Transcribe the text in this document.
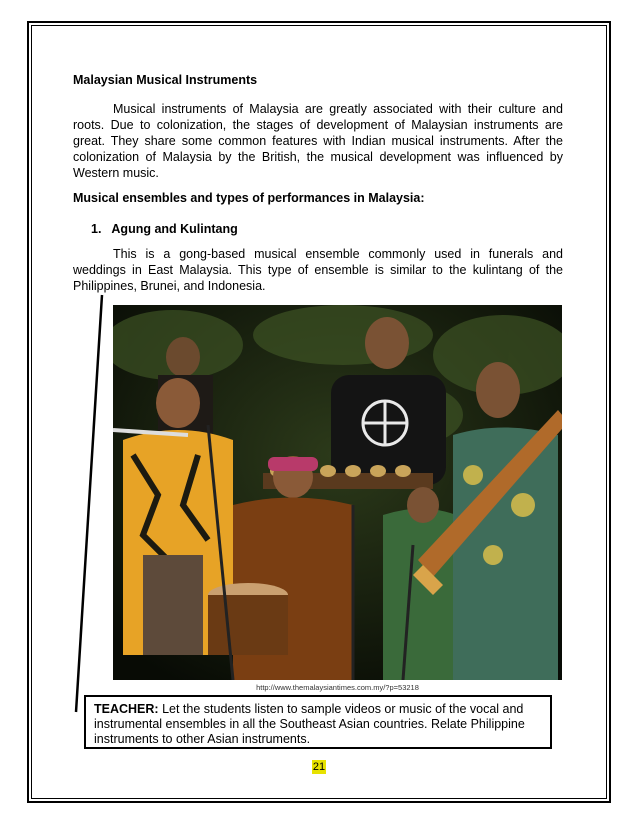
Malaysian Musical Instruments
Musical instruments of Malaysia are greatly associated with their culture and roots. Due to colonization, the stages of development of Malaysian instruments are great. They share some common features with Indian musical instruments. After the colonization of Malaysia by the British, the musical development was influenced by Western music.
Musical ensembles and types of performances in Malaysia:
1. Agung and Kulintang
This is a gong-based musical ensemble commonly used in funerals and weddings in East Malaysia. This type of ensemble is similar to the kulintang of the Philippines, Brunei, and Indonesia.
http://www.themalaysiantimes.com.my/?p=53218
TEACHER: Let the students listen to sample videos or music of the vocal and instrumental ensembles in all the Southeast Asian countries. Relate Philippine instruments to other Asian instruments.
21
